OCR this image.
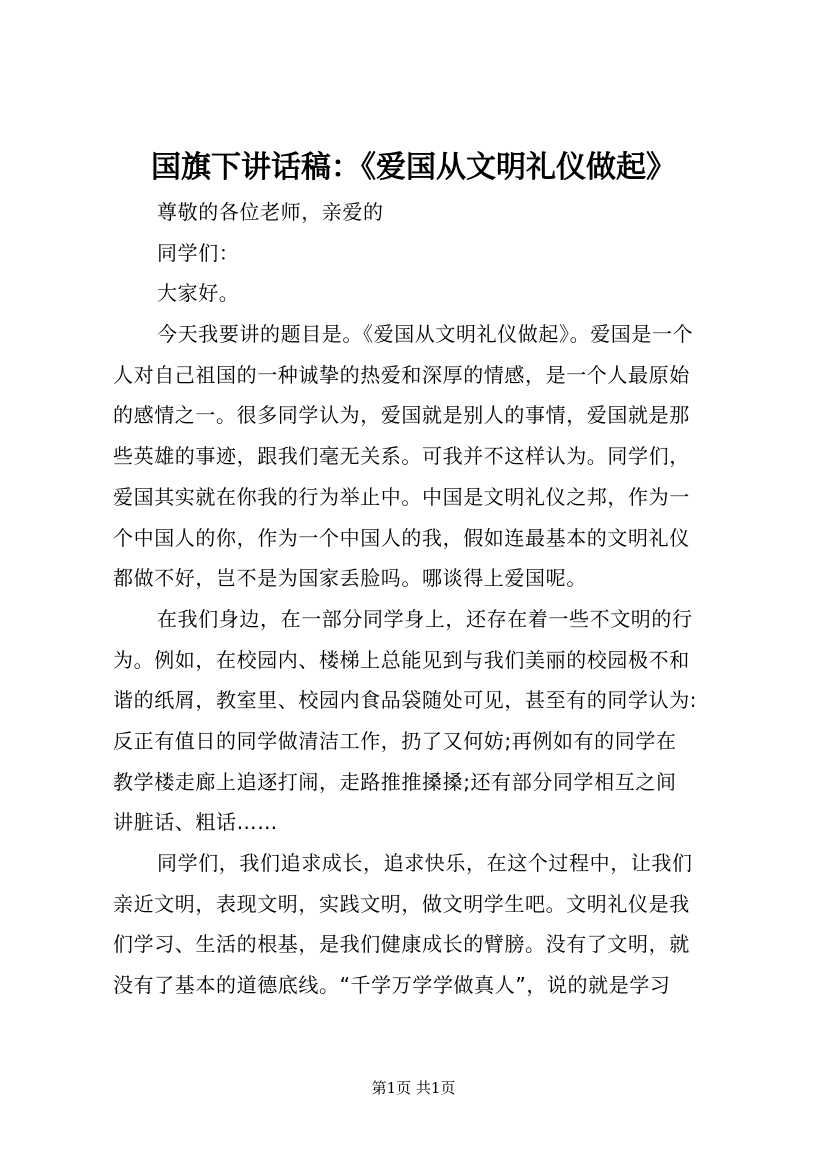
国旗下讲话稿：《爱国从文明礼仪做起》
尊敬的各位老师，亲爱的
同学们：
大家好。
今天我要讲的题目是。《爱国从文明礼仪做起》。爱国是一个
人对自己祖国的一种诚挚的热爱和深厚的情感，是一个人最原始
的感情之一。很多同学认为，爱国就是别人的事情，爱国就是那
些英雄的事迹，跟我们毫无关系。可我并不这样认为。同学们，
爱国其实就在你我的行为举止中。中国是文明礼仪之邦，作为一
个中国人的你，作为一个中国人的我，假如连最基本的文明礼仪
都做不好，岂不是为国家丢脸吗。哪谈得上爱国呢。
在我们身边，在一部分同学身上，还存在着一些不文明的行
为。例如，在校园内、楼梯上总能见到与我们美丽的校园极不和
谐的纸屑，教室里、校园内食品袋随处可见，甚至有的同学认为:
反正有值日的同学做清洁工作，扔了又何妨;再例如有的同学在
教学楼走廊上追逐打闹，走路推推搡搡;还有部分同学相互之间
讲脏话、粗话……
同学们，我们追求成长，追求快乐，在这个过程中，让我们
亲近文明，表现文明，实践文明，做文明学生吧。文明礼仪是我
们学习、生活的根基，是我们健康成长的臂膀。没有了文明，就
没有了基本的道德底线。“千学万学学做真人”，说的就是学习
第1页 共1页
